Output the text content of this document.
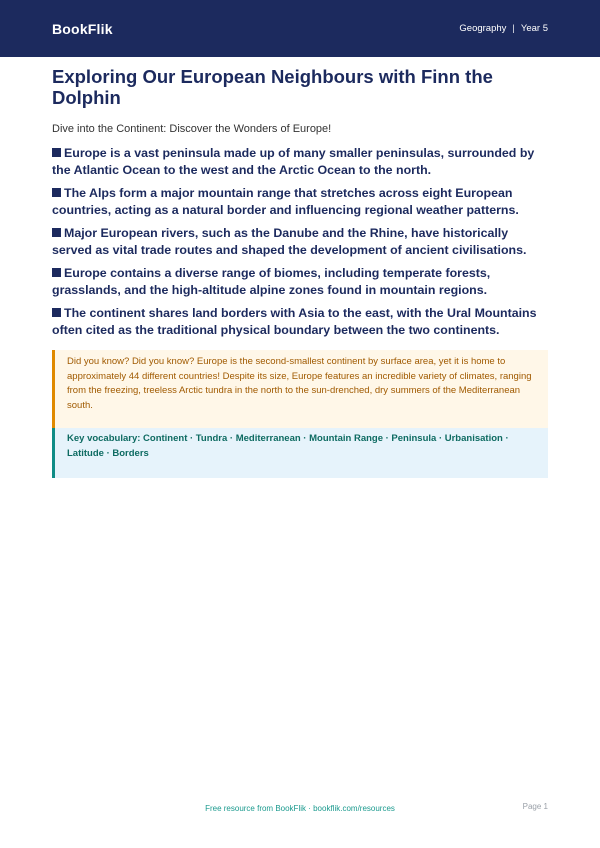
BookFlik	Geography | Year 5
Exploring Our European Neighbours with Finn the Dolphin

Dive into the Continent: Discover the Wonders of Europe!

Europe is a vast peninsula made up of many smaller peninsulas, surrounded by the Atlantic Ocean to the west and the Arctic Ocean to the north.
The Alps form a major mountain range that stretches across eight European countries, acting as a natural border and influencing regional weather patterns.
Major European rivers, such as the Danube and the Rhine, have historically served as vital trade routes and shaped the development of ancient civilisations.
Europe contains a diverse range of biomes, including temperate forests, grasslands, and the high-altitude alpine zones found in mountain regions.
The continent shares land borders with Asia to the east, with the Ural Mountains often cited as the traditional physical boundary between the two continents.

Did you know? Did you know? Europe is the second-smallest continent by surface area, yet it is home to approximately 44 different countries! Despite its size, Europe features an incredible variety of climates, ranging from the freezing, treeless Arctic tundra in the north to the sun-drenched, dry summers of the Mediterranean south.

Key vocabulary: Continent · Tundra · Mediterranean · Mountain Range · Peninsula · Urbanisation · Latitude · Borders

Free resource from BookFlik · bookflik.com/resources	Page 1
